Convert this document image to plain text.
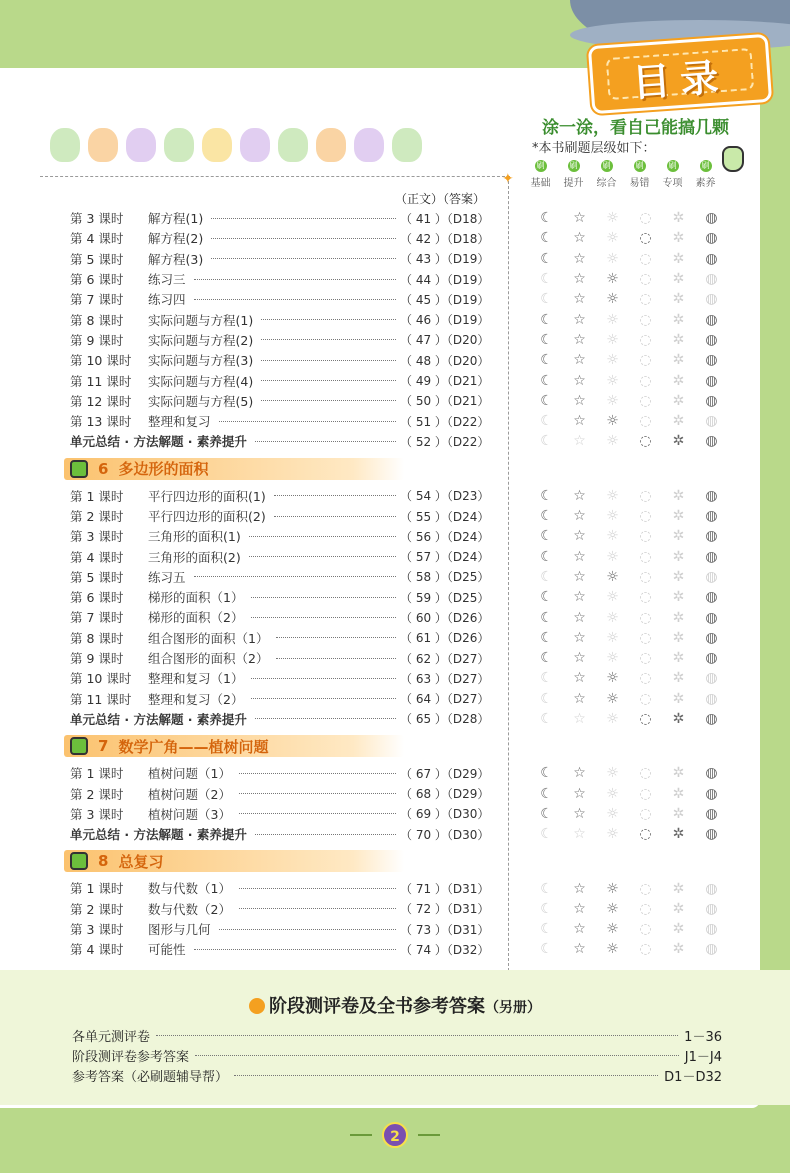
目录
涂一涂，看自己能搞几颗
*本书刷题层级如下：
刷
基础
刷
提升
刷
综合
刷
易错
刷
专项
刷
素养
✦
（正文）（答案）
第 3 课时	解方程(1)	（ 41 ）（D18）
第 4 课时	解方程(2)	（ 42 ）（D18）
第 5 课时	解方程(3)	（ 43 ）（D19）
第 6 课时	练习三	（ 44 ）（D19）
第 7 课时	练习四	（ 45 ）（D19）
第 8 课时	实际问题与方程(1)	（ 46 ）（D19）
第 9 课时	实际问题与方程(2)	（ 47 ）（D20）
第 10 课时	实际问题与方程(3)	（ 48 ）（D20）
第 11 课时	实际问题与方程(4)	（ 49 ）（D21）
第 12 课时	实际问题与方程(5)	（ 50 ）（D21）
第 13 课时	整理和复习	（ 51 ）（D22）
单元总结 · 方法解题 · 素养提升	（ 52 ）（D22）
6 多边形的面积
第 1 课时	平行四边形的面积(1)	（ 54 ）（D23）
第 2 课时	平行四边形的面积(2)	（ 55 ）（D24）
第 3 课时	三角形的面积(1)	（ 56 ）（D24）
第 4 课时	三角形的面积(2)	（ 57 ）（D24）
第 5 课时	练习五	（ 58 ）（D25）
第 6 课时	梯形的面积（1）	（ 59 ）（D25）
第 7 课时	梯形的面积（2）	（ 60 ）（D26）
第 8 课时	组合图形的面积（1）	（ 61 ）（D26）
第 9 课时	组合图形的面积（2）	（ 62 ）（D27）
第 10 课时	整理和复习（1）	（ 63 ）（D27）
第 11 课时	整理和复习（2）	（ 64 ）（D27）
单元总结 · 方法解题 · 素养提升	（ 65 ）（D28）
7 数学广角——植树问题
第 1 课时	植树问题（1）	（ 67 ）（D29）
第 2 课时	植树问题（2）	（ 68 ）（D29）
第 3 课时	植树问题（3）	（ 69 ）（D30）
单元总结 · 方法解题 · 素养提升	（ 70 ）（D30）
8 总复习
第 1 课时	数与代数（1）	（ 71 ）（D31）
第 2 课时	数与代数（2）	（ 72 ）（D31）
第 3 课时	图形与几何	（ 73 ）（D31）
第 4 课时	可能性	（ 74 ）（D32）
☾	☆	☼	◌	✲	◍
☾	☆	☼	◌	✲	◍
☾	☆	☼	◌	✲	◍
☾	☆	☼	◌	✲	◍
☾	☆	☼	◌	✲	◍
☾	☆	☼	◌	✲	◍
☾	☆	☼	◌	✲	◍
☾	☆	☼	◌	✲	◍
☾	☆	☼	◌	✲	◍
☾	☆	☼	◌	✲	◍
☾	☆	☼	◌	✲	◍
☾	☆	☼	◌	✲	◍
☾	☆	☼	◌	✲	◍
☾	☆	☼	◌	✲	◍
☾	☆	☼	◌	✲	◍
☾	☆	☼	◌	✲	◍
☾	☆	☼	◌	✲	◍
☾	☆	☼	◌	✲	◍
☾	☆	☼	◌	✲	◍
☾	☆	☼	◌	✲	◍
☾	☆	☼	◌	✲	◍
☾	☆	☼	◌	✲	◍
☾	☆	☼	◌	✲	◍
☾	☆	☼	◌	✲	◍
☾	☆	☼	◌	✲	◍
☾	☆	☼	◌	✲	◍
☾	☆	☼	◌	✲	◍
☾	☆	☼	◌	✲	◍
☾	☆	☼	◌	✲	◍
☾	☆	☼	◌	✲	◍
☾	☆	☼	◌	✲	◍
☾	☆	☼	◌	✲	◍
阶段测评卷及全书参考答案（另册）
各单元测评卷	1－36
阶段测评卷参考答案	J1－J4
参考答案（必刷题辅导帮）	D1－D32
2
